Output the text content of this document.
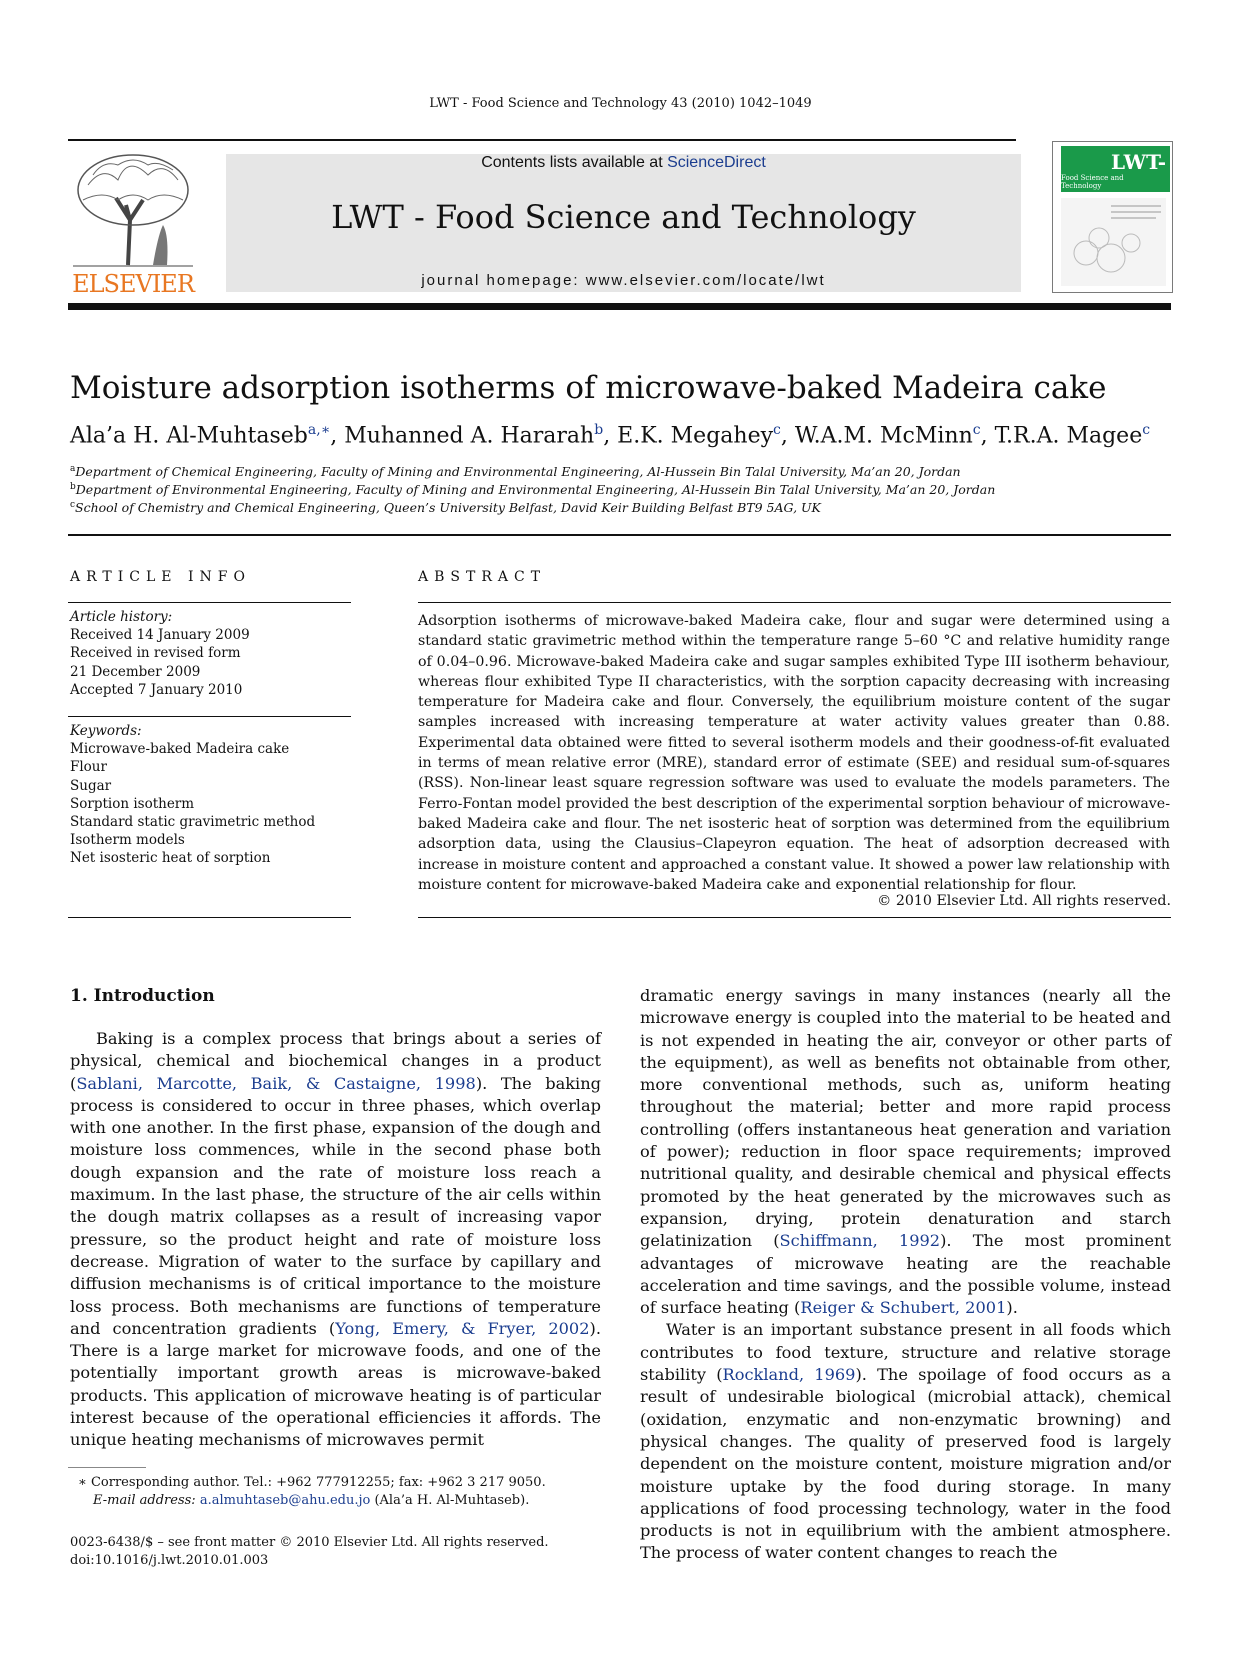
LWT - Food Science and Technology 43 (2010) 1042–1049
ELSEVIER
Contents lists available at ScienceDirect
LWT - Food Science and Technology
journal homepage: www.elsevier.com/locate/lwt
LWT-
Food Science and Technology
Moisture adsorption isotherms of microwave-baked Madeira cake
Ala’a H. Al-Muhtaseb$^{a,∗}$, Muhanned A. Hararah$^b$, E.K. Megahey$^c$, W.A.M. McMinn$^c$, T.R.A. Magee$^c$
$^a$Department of Chemical Engineering, Faculty of Mining and Environmental Engineering, Al-Hussein Bin Talal University, Ma’an 20, Jordan
$^b$Department of Environmental Engineering, Faculty of Mining and Environmental Engineering, Al-Hussein Bin Talal University, Ma’an 20, Jordan
$^c$School of Chemistry and Chemical Engineering, Queen’s University Belfast, David Keir Building Belfast BT9 5AG, UK
ARTICLE INFO
Article history:
Received 14 January 2009
Received in revised form
21 December 2009
Accepted 7 January 2010
Keywords:
Microwave-baked Madeira cake
Flour
Sugar
Sorption isotherm
Standard static gravimetric method
Isotherm models
Net isosteric heat of sorption
ABSTRACT
Adsorption isotherms of microwave-baked Madeira cake, flour and sugar were determined using a standard static gravimetric method within the temperature range 5–60 °C and relative humidity range of 0.04–0.96. Microwave-baked Madeira cake and sugar samples exhibited Type III isotherm behaviour, whereas flour exhibited Type II characteristics, with the sorption capacity decreasing with increasing temperature for Madeira cake and flour. Conversely, the equilibrium moisture content of the sugar samples increased with increasing temperature at water activity values greater than 0.88. Experimental data obtained were fitted to several isotherm models and their goodness-of-fit evaluated in terms of mean relative error (MRE), standard error of estimate (SEE) and residual sum-of-squares (RSS). Non-linear least square regression software was used to evaluate the models parameters. The Ferro-Fontan model provided the best description of the experimental sorption behaviour of microwave-baked Madeira cake and flour. The net isosteric heat of sorption was determined from the equilibrium adsorption data, using the Clausius–Clapeyron equation. The heat of adsorption decreased with increase in moisture content and approached a constant value. It showed a power law relationship with moisture content for microwave-baked Madeira cake and exponential relationship for flour.
© 2010 Elsevier Ltd. All rights reserved.
1. Introduction

Baking is a complex process that brings about a series of physical, chemical and biochemical changes in a product (Sablani, Marcotte, Baik, & Castaigne, 1998). The baking process is considered to occur in three phases, which overlap with one another. In the first phase, expansion of the dough and moisture loss commences, while in the second phase both dough expansion and the rate of moisture loss reach a maximum. In the last phase, the structure of the air cells within the dough matrix collapses as a result of increasing vapor pressure, so the product height and rate of moisture loss decrease. Migration of water to the surface by capillary and diffusion mechanisms is of critical importance to the moisture loss process. Both mechanisms are functions of temperature and concentration gradients (Yong, Emery, & Fryer, 2002). There is a large market for microwave foods, and one of the potentially important growth areas is microwave-baked products. This application of microwave heating is of particular interest because of the operational efficiencies it affords. The unique heating mechanisms of microwaves permit

dramatic energy savings in many instances (nearly all the microwave energy is coupled into the material to be heated and is not expended in heating the air, conveyor or other parts of the equipment), as well as benefits not obtainable from other, more conventional methods, such as, uniform heating throughout the material; better and more rapid process controlling (offers instantaneous heat generation and variation of power); reduction in floor space requirements; improved nutritional quality, and desirable chemical and physical effects promoted by the heat generated by the microwaves such as expansion, drying, protein denaturation and starch gelatinization (Schiffmann, 1992). The most prominent advantages of microwave heating are the reachable acceleration and time savings, and the possible volume, instead of surface heating (Reiger & Schubert, 2001).

Water is an important substance present in all foods which contributes to food texture, structure and relative storage stability (Rockland, 1969). The spoilage of food occurs as a result of undesirable biological (microbial attack), chemical (oxidation, enzymatic and non-enzymatic browning) and physical changes. The quality of preserved food is largely dependent on the moisture content, moisture migration and/or moisture uptake by the food during storage. In many applications of food processing technology, water in the food products is not in equilibrium with the ambient atmosphere. The process of water content changes to reach the

∗ Corresponding author. Tel.: +962 777912255; fax: +962 3 217 9050.
E-mail address: a.almuhtaseb@ahu.edu.jo (Ala’a H. Al-Muhtaseb).
0023-6438/$ – see front matter © 2010 Elsevier Ltd. All rights reserved.
doi:10.1016/j.lwt.2010.01.003
